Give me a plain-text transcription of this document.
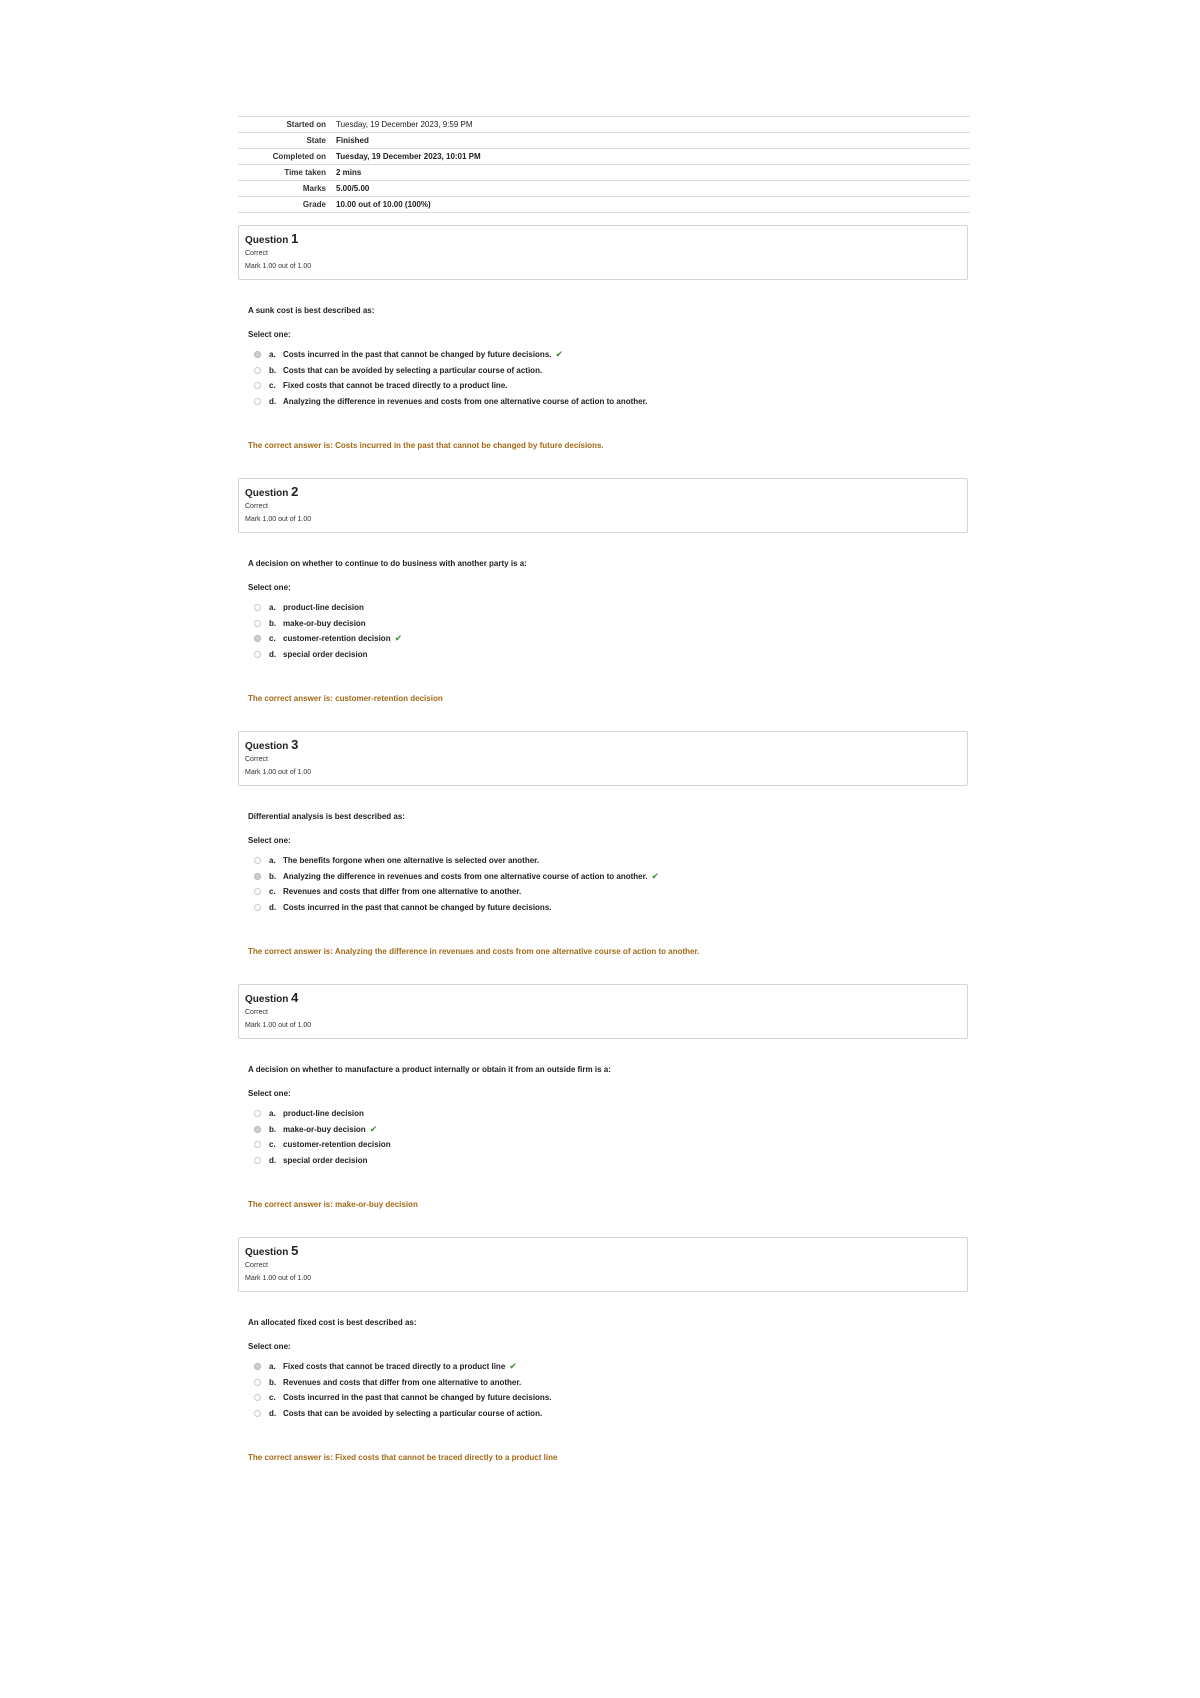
Started on	Tuesday, 19 December 2023, 9:59 PM
State	Finished
Completed on	Tuesday, 19 December 2023, 10:01 PM
Time taken	2 mins
Marks	5.00/5.00
Grade	10.00 out of 10.00 (100%)
Question 1
Correct
Mark 1.00 out of 1.00
A sunk cost is best described as:
Select one:
a. Costs incurred in the past that cannot be changed by future decisions. ✔
b. Costs that can be avoided by selecting a particular course of action.
c. Fixed costs that cannot be traced directly to a product line.
d. Analyzing the difference in revenues and costs from one alternative course of action to another.
The correct answer is: Costs incurred in the past that cannot be changed by future decisions.
Question 2
Correct
Mark 1.00 out of 1.00
A decision on whether to continue to do business with another party is a:
Select one:
a. product-line decision
b. make-or-buy decision
c. customer-retention decision ✔
d. special order decision
The correct answer is: customer-retention decision
Question 3
Correct
Mark 1.00 out of 1.00
Differential analysis is best described as:
Select one:
a. The benefits forgone when one alternative is selected over another.
b. Analyzing the difference in revenues and costs from one alternative course of action to another. ✔
c. Revenues and costs that differ from one alternative to another.
d. Costs incurred in the past that cannot be changed by future decisions.
The correct answer is: Analyzing the difference in revenues and costs from one alternative course of action to another.
Question 4
Correct
Mark 1.00 out of 1.00
A decision on whether to manufacture a product internally or obtain it from an outside firm is a:
Select one:
a. product-line decision
b. make-or-buy decision ✔
c. customer-retention decision
d. special order decision
The correct answer is: make-or-buy decision
Question 5
Correct
Mark 1.00 out of 1.00
An allocated fixed cost is best described as:
Select one:
a. Fixed costs that cannot be traced directly to a product line ✔
b. Revenues and costs that differ from one alternative to another.
c. Costs incurred in the past that cannot be changed by future decisions.
d. Costs that can be avoided by selecting a particular course of action.
The correct answer is: Fixed costs that cannot be traced directly to a product line
